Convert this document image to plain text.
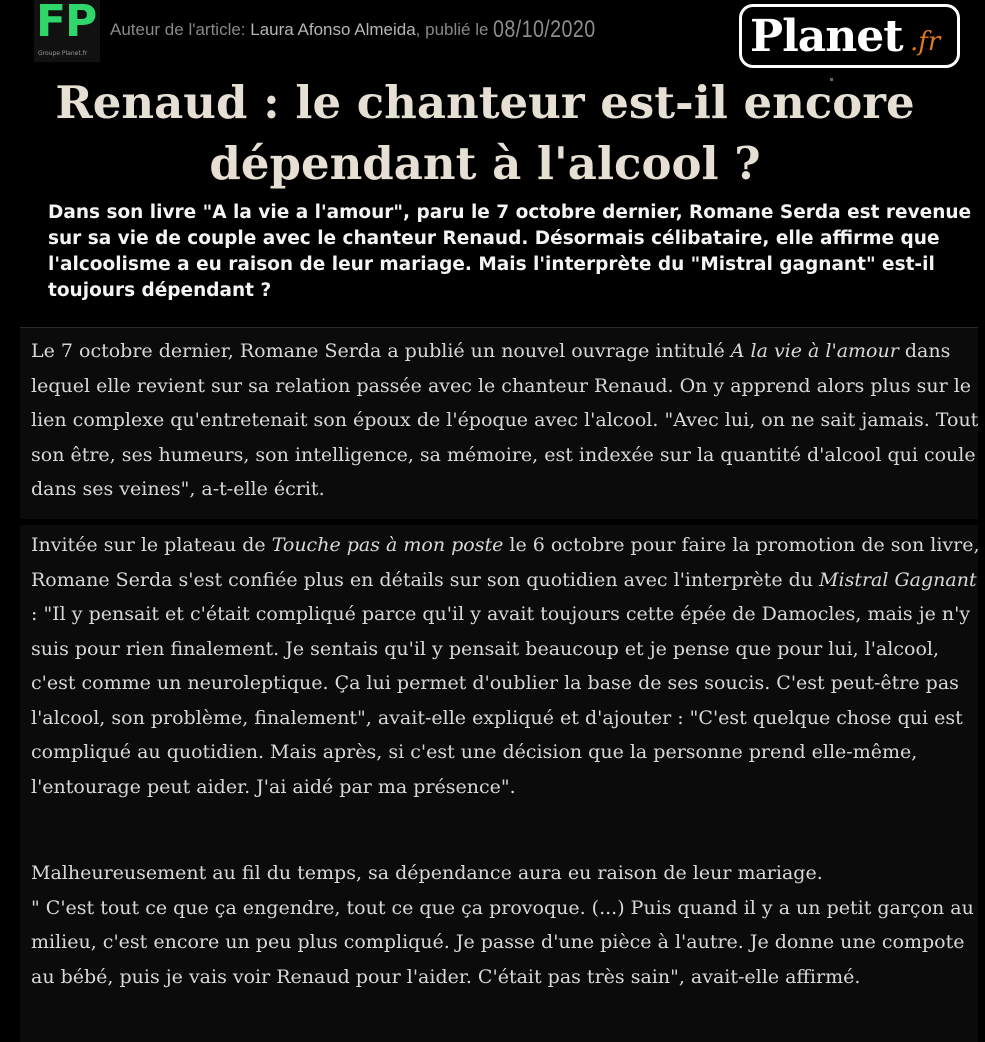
FP
Groupe Planet.fr
Auteur de l'article: Laura Afonso Almeida, publié le 08/10/2020	Planet .fr
Renaud : le chanteur est-il encore dépendant à l'alcool ?

Dans son livre "A la vie a l'amour", paru le 7 octobre dernier, Romane Serda est revenue sur sa vie de couple avec le chanteur Renaud. Désormais célibataire, elle affirme que l'alcoolisme a eu raison de leur mariage. Mais l'interprète du "Mistral gagnant" est-il toujours dépendant ?

Le 7 octobre dernier, Romane Serda a publié un nouvel ouvrage intitulé A la vie à l'amour dans lequel elle revient sur sa relation passée avec le chanteur Renaud. On y apprend alors plus sur le lien complexe qu'entretenait son époux de l'époque avec l'alcool. "Avec lui, on ne sait jamais. Tout son être, ses humeurs, son intelligence, sa mémoire, est indexée sur la quantité d'alcool qui coule dans ses veines", a-t-elle écrit.

Invitée sur le plateau de Touche pas à mon poste le 6 octobre pour faire la promotion de son livre, Romane Serda s'est confiée plus en détails sur son quotidien avec l'interprète du Mistral Gagnant : "Il y pensait et c'était compliqué parce qu'il y avait toujours cette épée de Damocles, mais je n'y suis pour rien finalement. Je sentais qu'il y pensait beaucoup et je pense que pour lui, l'alcool, c'est comme un neuroleptique. Ça lui permet d'oublier la base de ses soucis. C'est peut-être pas l'alcool, son problème, finalement", avait-elle expliqué et d'ajouter : "C'est quelque chose qui est compliqué au quotidien. Mais après, si c'est une décision que la personne prend elle-même, l'entourage peut aider. J'ai aidé par ma présence".

Malheureusement au fil du temps, sa dépendance aura eu raison de leur mariage.
" C'est tout ce que ça engendre, tout ce que ça provoque. (...) Puis quand il y a un petit garçon au milieu, c'est encore un peu plus compliqué. Je passe d'une pièce à l'autre. Je donne une compote au bébé, puis je vais voir Renaud pour l'aider. C'était pas très sain", avait-elle affirmé.
